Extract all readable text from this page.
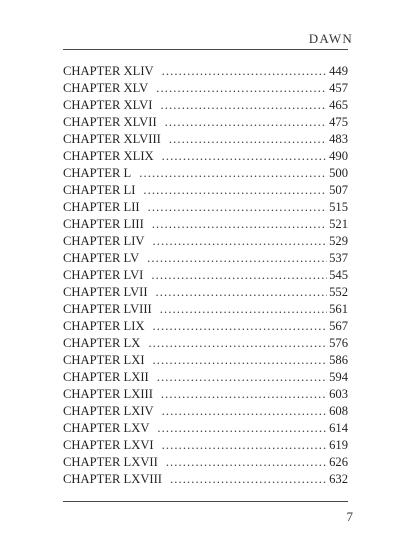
DAWN
CHAPTER XLIV .....	449
CHAPTER XLV .....	457
CHAPTER XLVI .....	465
CHAPTER XLVII .....	475
CHAPTER XLVIII .....	483
CHAPTER XLIX .....	490
CHAPTER L .....	500
CHAPTER LI .....	507
CHAPTER LII .....	515
CHAPTER LIII .....	521
CHAPTER LIV .....	529
CHAPTER LV .....	537
CHAPTER LVI .....	545
CHAPTER LVII .....	552
CHAPTER LVIII .....	561
CHAPTER LIX .....	567
CHAPTER LX .....	576
CHAPTER LXI .....	586
CHAPTER LXII .....	594
CHAPTER LXIII .....	603
CHAPTER LXIV .....	608
CHAPTER LXV .....	614
CHAPTER LXVI .....	619
CHAPTER LXVII .....	626
CHAPTER LXVIII .....	632
7
